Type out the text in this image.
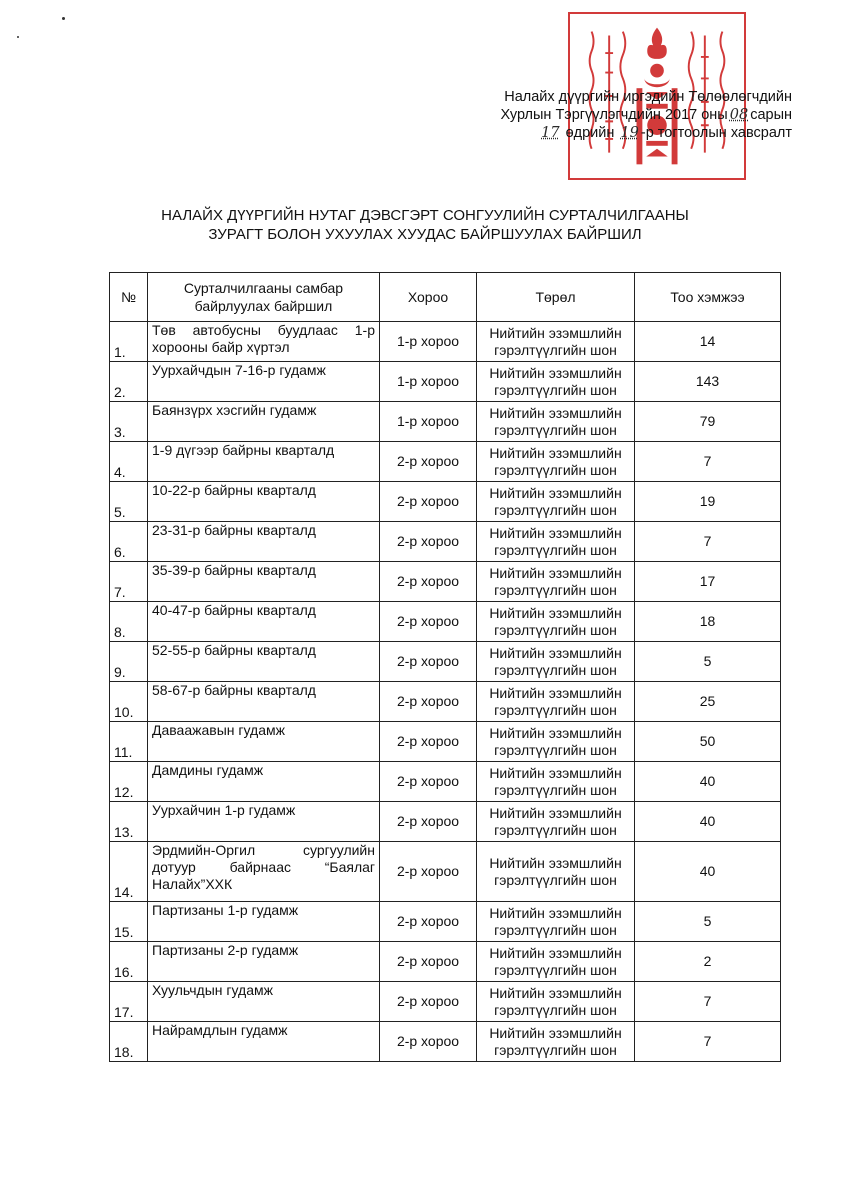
Налайх дүүргийн иргэдийн Төлөөлөгчдийн
Хурлын Тэргүүлэгчдийн 2017 оны 08 сарын
17 өдрийн 19 -р тогтоолын хавсралт
НАЛАЙХ ДҮҮРГИЙН НУТАГ ДЭВСГЭРТ СОНГУУЛИЙН СУРТАЛЧИЛГААНЫ
ЗУРАГТ БОЛОН УХУУЛАХ ХУУДАС БАЙРШУУЛАХ БАЙРШИЛ
№	Сурталчилгааны самбар байрлуулах байршил	Хороо	Төрөл	Тоо хэмжээ
1.	Төв автобусны буудлаас 1-р хорооны байр хүртэл	1-р хороо	Нийтийн эзэмшлийн гэрэлтүүлгийн шон	14
2.	Уурхайчдын 7-16-р гудамж	1-р хороо	Нийтийн эзэмшлийн гэрэлтүүлгийн шон	143
3.	Баянзүрх хэсгийн гудамж	1-р хороо	Нийтийн эзэмшлийн гэрэлтүүлгийн шон	79
4.	1-9 дүгээр байрны кварталд	2-р хороо	Нийтийн эзэмшлийн гэрэлтүүлгийн шон	7
5.	10-22-р байрны кварталд	2-р хороо	Нийтийн эзэмшлийн гэрэлтүүлгийн шон	19
6.	23-31-р байрны кварталд	2-р хороо	Нийтийн эзэмшлийн гэрэлтүүлгийн шон	7
7.	35-39-р байрны кварталд	2-р хороо	Нийтийн эзэмшлийн гэрэлтүүлгийн шон	17
8.	40-47-р байрны кварталд	2-р хороо	Нийтийн эзэмшлийн гэрэлтүүлгийн шон	18
9.	52-55-р байрны кварталд	2-р хороо	Нийтийн эзэмшлийн гэрэлтүүлгийн шон	5
10.	58-67-р байрны кварталд	2-р хороо	Нийтийн эзэмшлийн гэрэлтүүлгийн шон	25
11.	Даваажавын гудамж	2-р хороо	Нийтийн эзэмшлийн гэрэлтүүлгийн шон	50
12.	Дамдины гудамж	2-р хороо	Нийтийн эзэмшлийн гэрэлтүүлгийн шон	40
13.	Уурхайчин 1-р гудамж	2-р хороо	Нийтийн эзэмшлийн гэрэлтүүлгийн шон	40
14.	Эрдмийн-Оргил сургуулийн дотуур байрнаас “Баялаг Налайх”ХХК	2-р хороо	Нийтийн эзэмшлийн гэрэлтүүлгийн шон	40
15.	Партизаны 1-р гудамж	2-р хороо	Нийтийн эзэмшлийн гэрэлтүүлгийн шон	5
16.	Партизаны 2-р гудамж	2-р хороо	Нийтийн эзэмшлийн гэрэлтүүлгийн шон	2
17.	Хуульчдын гудамж	2-р хороо	Нийтийн эзэмшлийн гэрэлтүүлгийн шон	7
18.	Найрамдлын гудамж	2-р хороо	Нийтийн эзэмшлийн гэрэлтүүлгийн шон	7
